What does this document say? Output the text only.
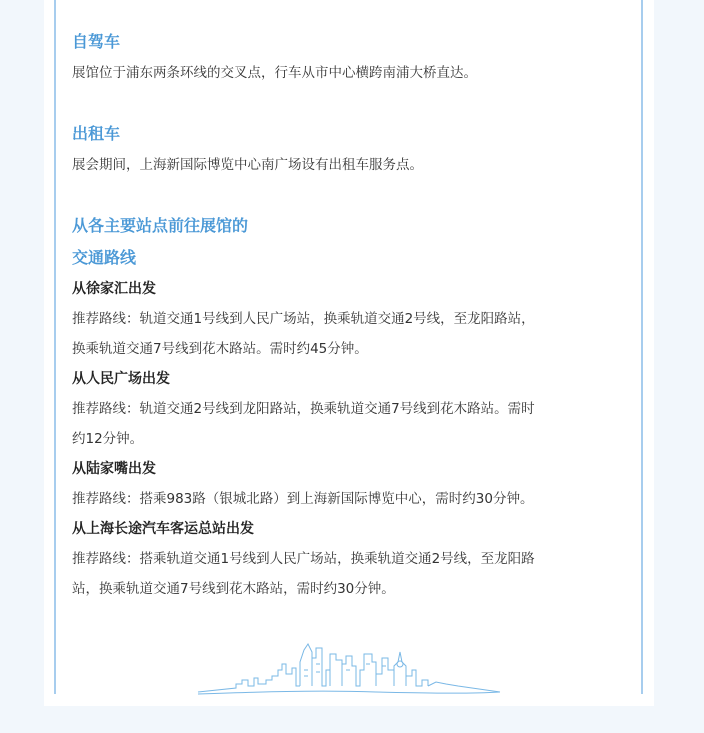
自驾车
展馆位于浦东两条环线的交叉点，行车从市中心横跨南浦大桥直达。
出租车
展会期间，上海新国际博览中心南广场设有出租车服务点。
从各主要站点前往展馆的
交通路线
从徐家汇出发
推荐路线：轨道交通1号线到人民广场站，换乘轨道交通2号线，至龙阳路站，
换乘轨道交通7号线到花木路站。需时约45分钟。
从人民广场出发
推荐路线：轨道交通2号线到龙阳路站，换乘轨道交通7号线到花木路站。需时
约12分钟。
从陆家嘴出发
推荐路线：搭乘983路（银城北路）到上海新国际博览中心，需时约30分钟。
从上海长途汽车客运总站出发
推荐路线：搭乘轨道交通1号线到人民广场站，换乘轨道交通2号线，至龙阳路
站，换乘轨道交通7号线到花木路站，需时约30分钟。
